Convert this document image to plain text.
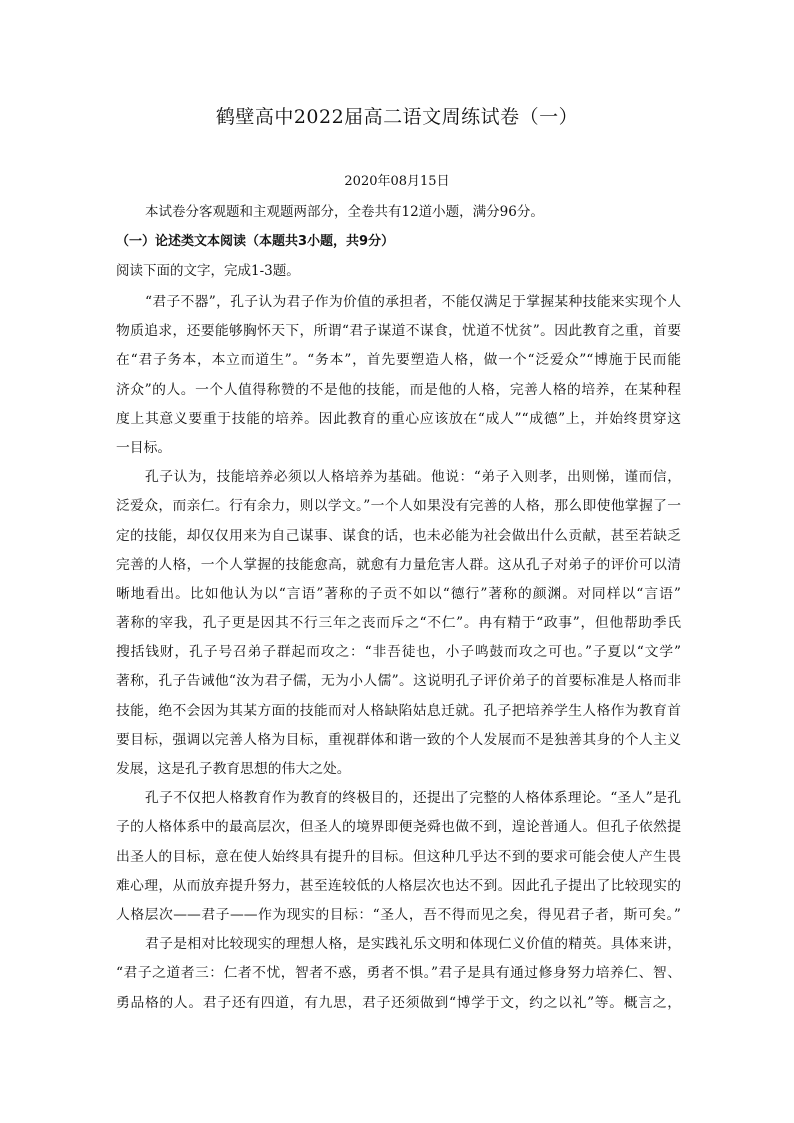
鹤壁高中2022届高二语文周练试卷（一）
2020年08月15日
本试卷分客观题和主观题两部分，全卷共有12道小题，满分96分。
（一）论述类文本阅读（本题共3小题，共9分）
阅读下面的文字，完成1-3题。
“君子不器”，孔子认为君子作为价值的承担者，不能仅满足于掌握某种技能来实现个人
物质追求，还要能够胸怀天下，所谓“君子谋道不谋食，忧道不忧贫”。因此教育之重，首要
在“君子务本，本立而道生”。“务本”，首先要塑造人格，做一个“泛爱众”“博施于民而能
济众”的人。一个人值得称赞的不是他的技能，而是他的人格，完善人格的培养，在某种程
度上其意义要重于技能的培养。因此教育的重心应该放在“成人”“成德”上，并始终贯穿这
一目标。
孔子认为，技能培养必须以人格培养为基础。他说：“弟子入则孝，出则悌，谨而信，
泛爱众，而亲仁。行有余力，则以学文。”一个人如果没有完善的人格，那么即使他掌握了一
定的技能，却仅仅用来为自己谋事、谋食的话，也未必能为社会做出什么贡献，甚至若缺乏
完善的人格，一个人掌握的技能愈高，就愈有力量危害人群。这从孔子对弟子的评价可以清
晰地看出。比如他认为以“言语”著称的子贡不如以“德行”著称的颜渊。对同样以“言语”
著称的宰我，孔子更是因其不行三年之丧而斥之“不仁”。冉有精于“政事”，但他帮助季氏
搜括钱财，孔子号召弟子群起而攻之：“非吾徒也，小子鸣鼓而攻之可也。”子夏以“文学”
著称，孔子告诫他“汝为君子儒，无为小人儒”。这说明孔子评价弟子的首要标准是人格而非
技能，绝不会因为其某方面的技能而对人格缺陷姑息迁就。孔子把培养学生人格作为教育首
要目标，强调以完善人格为目标，重视群体和谐一致的个人发展而不是独善其身的个人主义
发展，这是孔子教育思想的伟大之处。
孔子不仅把人格教育作为教育的终极目的，还提出了完整的人格体系理论。“圣人”是孔
子的人格体系中的最高层次，但圣人的境界即便尧舜也做不到，遑论普通人。但孔子依然提
出圣人的目标，意在使人始终具有提升的目标。但这种几乎达不到的要求可能会使人产生畏
难心理，从而放弃提升努力，甚至连较低的人格层次也达不到。因此孔子提出了比较现实的
人格层次——君子——作为现实的目标：“圣人，吾不得而见之矣，得见君子者，斯可矣。”
君子是相对比较现实的理想人格，是实践礼乐文明和体现仁义价值的精英。具体来讲，
“君子之道者三：仁者不忧，智者不惑，勇者不惧。”君子是具有通过修身努力培养仁、智、
勇品格的人。君子还有四道，有九思，君子还须做到“博学于文，约之以礼”等。概言之，
